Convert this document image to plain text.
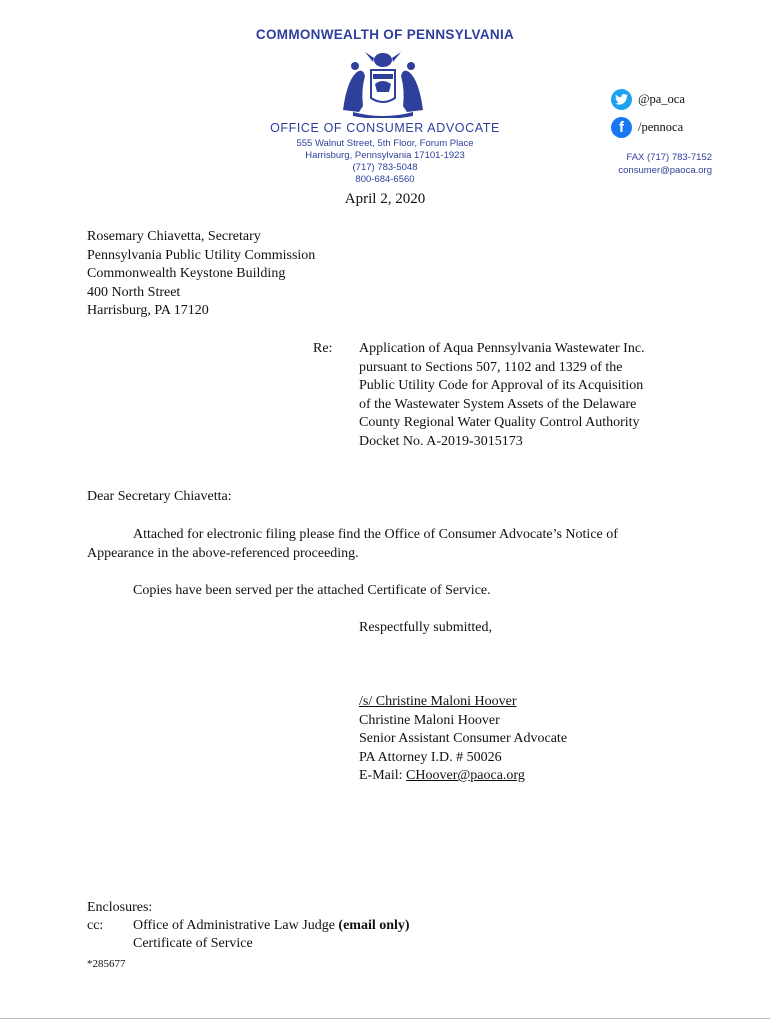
COMMONWEALTH OF PENNSYLVANIA
OFFICE OF CONSUMER ADVOCATE
555 Walnut Street, 5th Floor, Forum Place
Harrisburg, Pennsylvania 17101-1923
(717) 783-5048
800-684-6560
@pa_oca
f	/pennoca
FAX (717) 783-7152
consumer@paoca.org
April 2, 2020
Rosemary Chiavetta, Secretary
Pennsylvania Public Utility Commission
Commonwealth Keystone Building
400 North Street
Harrisburg, PA 17120
Re: Application of Aqua Pennsylvania Wastewater Inc.
pursuant to Sections 507, 1102 and 1329 of the
Public Utility Code for Approval of its Acquisition
of the Wastewater System Assets of the Delaware
County Regional Water Quality Control Authority
Docket No. A-2019-3015173
Dear Secretary Chiavetta:
Attached for electronic filing please find the Office of Consumer Advocate’s Notice of
Appearance in the above-referenced proceeding.
Copies have been served per the attached Certificate of Service.
Respectfully submitted,
/s/ Christine Maloni Hoover
Christine Maloni Hoover
Senior Assistant Consumer Advocate
PA Attorney I.D. # 50026
E-Mail: CHoover@paoca.org
Enclosures:
cc: Office of Administrative Law Judge (email only)
Certificate of Service
*285677
